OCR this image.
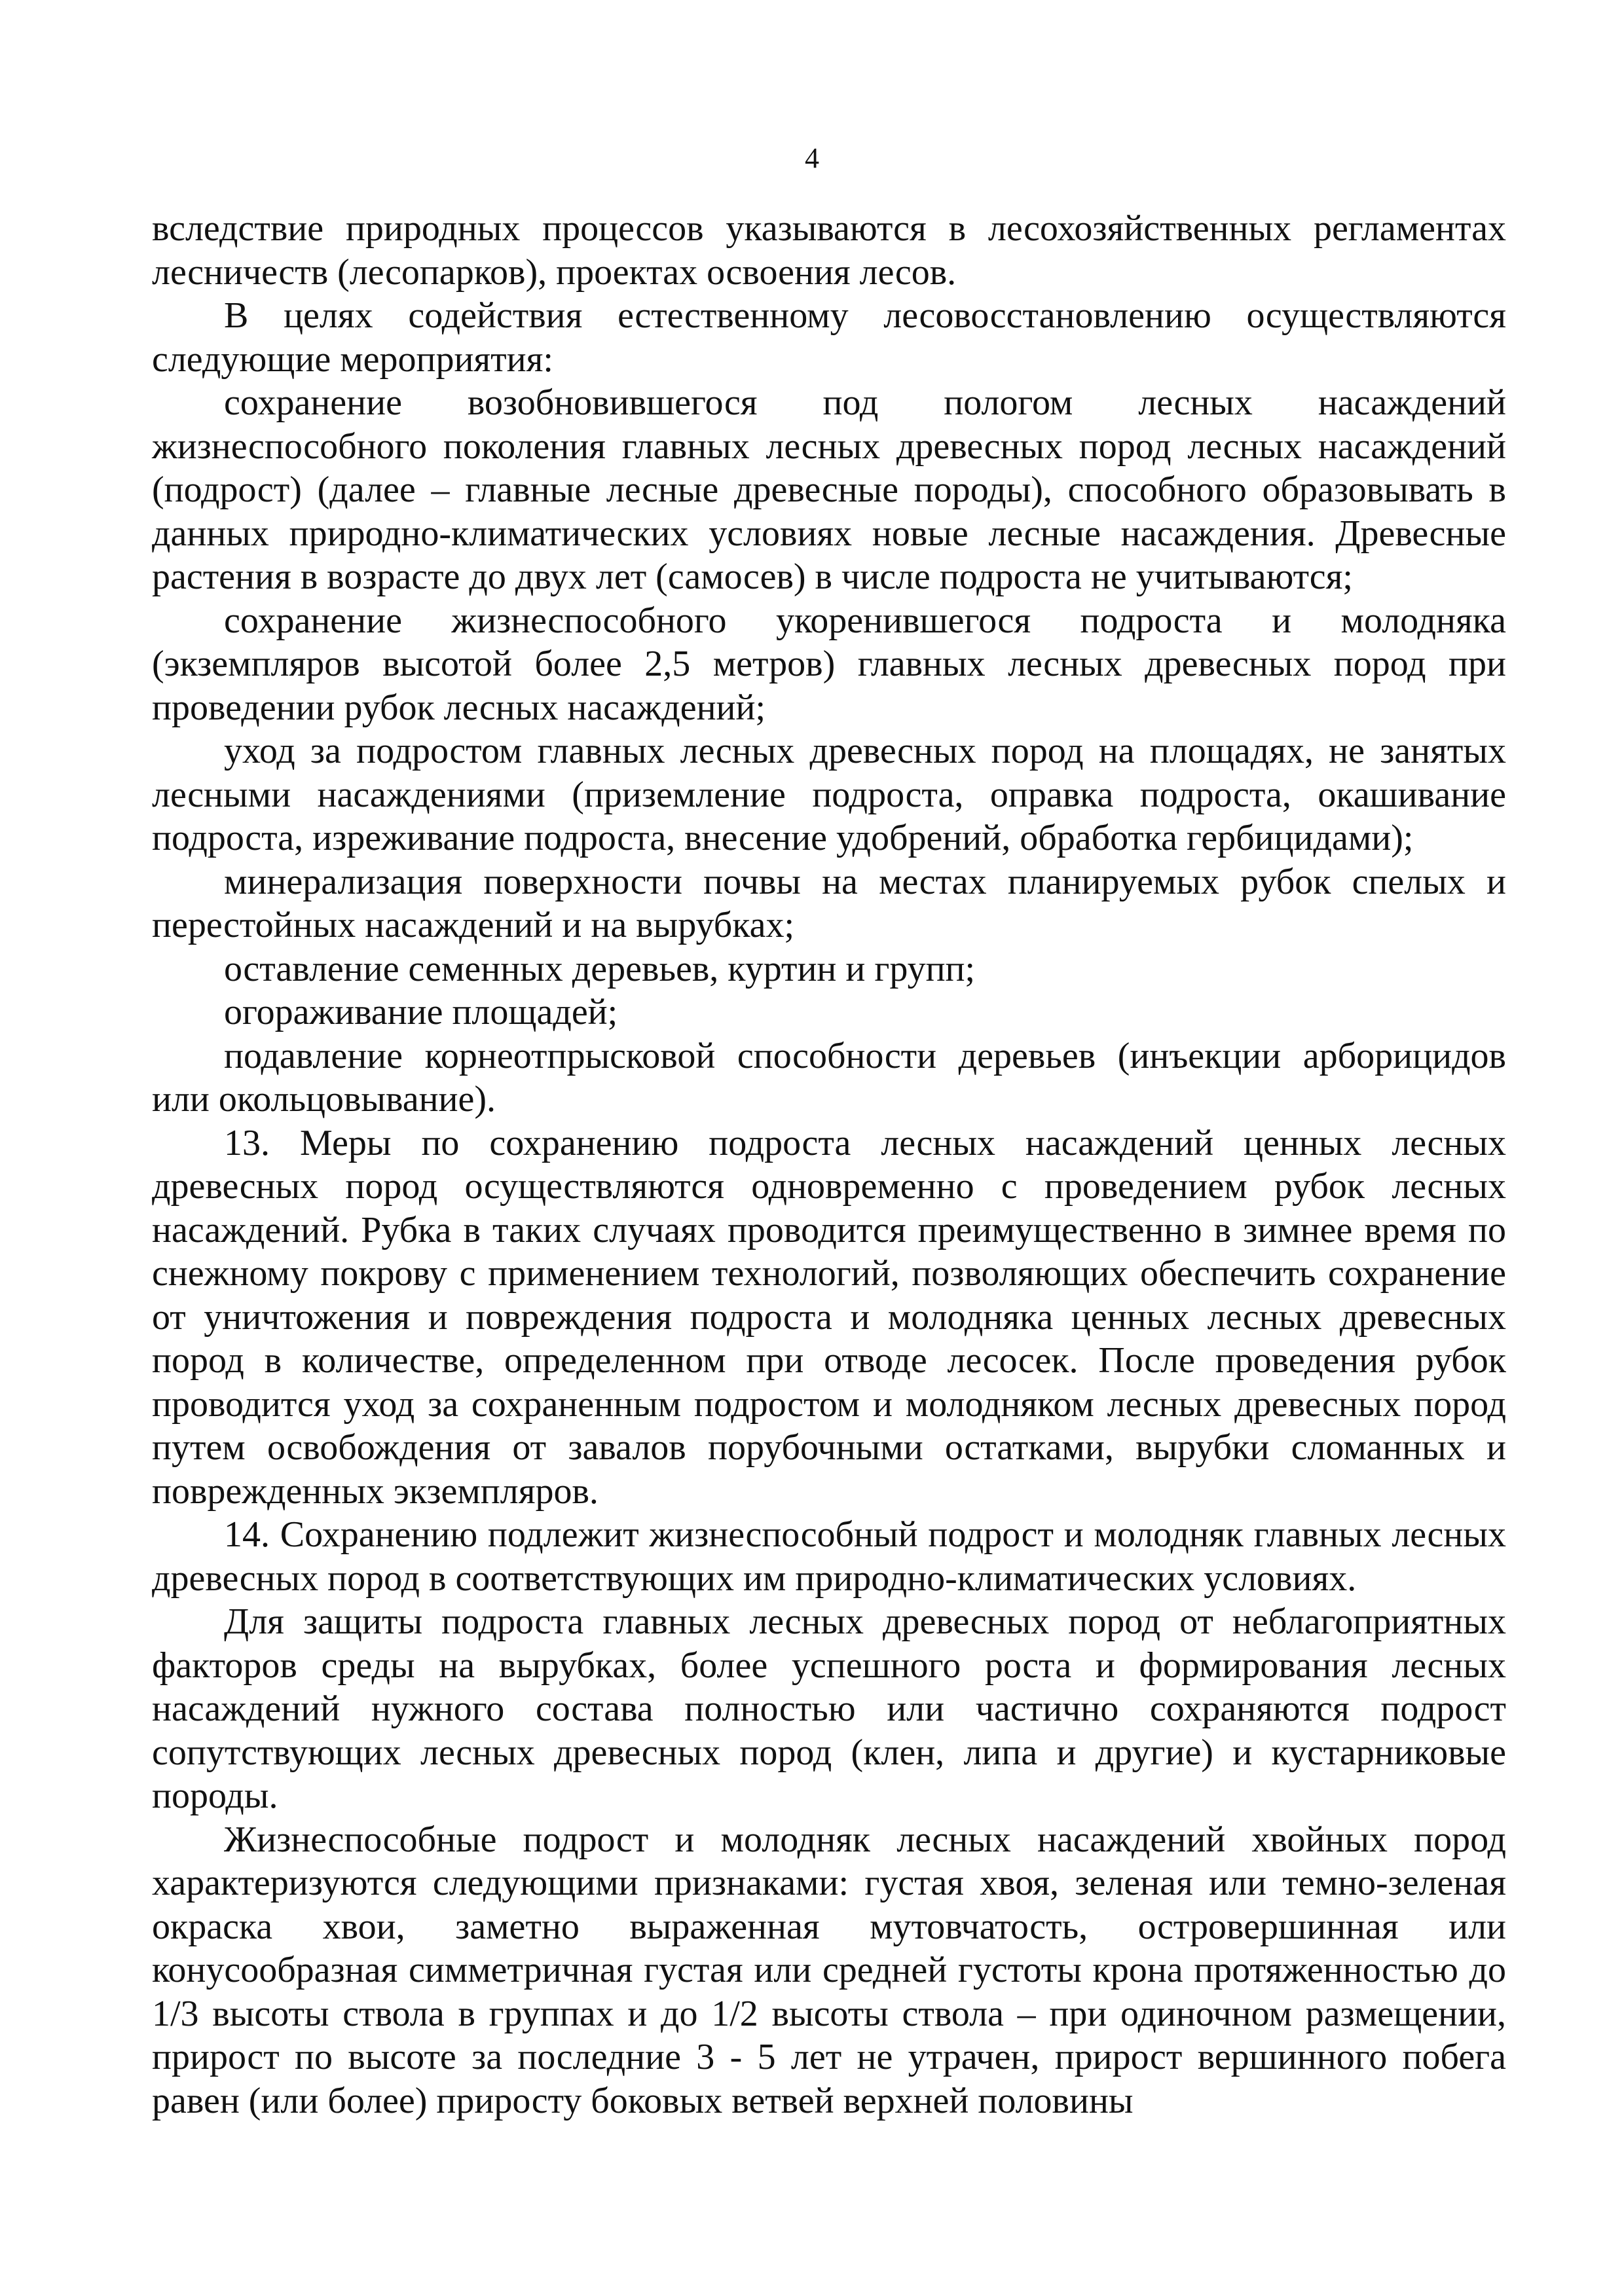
4

вследствие природных процессов указываются в лесохозяйственных регламентах лесничеств (лесопарков), проектах освоения лесов.

В целях содействия естественному лесовосстановлению осуществляются следующие мероприятия:

сохранение возобновившегося под пологом лесных насаждений жизнеспособного поколения главных лесных древесных пород лесных насаждений (подрост) (далее – главные лесные древесные породы), способного образовывать в данных природно-климатических условиях новые лесные насаждения. Древесные растения в возрасте до двух лет (самосев) в числе подроста не учитываются;

сохранение жизнеспособного укоренившегося подроста и молодняка (экземпляров высотой более 2,5 метров) главных лесных древесных пород при проведении рубок лесных насаждений;

уход за подростом главных лесных древесных пород на площадях, не занятых лесными насаждениями (приземление подроста, оправка подроста, окашивание подроста, изреживание подроста, внесение удобрений, обработка гербицидами);

минерализация поверхности почвы на местах планируемых рубок спелых и перестойных насаждений и на вырубках;

оставление семенных деревьев, куртин и групп;

огораживание площадей;

подавление корнеотпрысковой способности деревьев (инъекции арборицидов или окольцовывание).

13. Меры по сохранению подроста лесных насаждений ценных лесных древесных пород осуществляются одновременно с проведением рубок лесных насаждений. Рубка в таких случаях проводится преимущественно в зимнее время по снежному покрову с применением технологий, позволяющих обеспечить сохранение от уничтожения и повреждения подроста и молодняка ценных лесных древесных пород в количестве, определенном при отводе лесосек. После проведения рубок проводится уход за сохраненным подростом и молодняком лесных древесных пород путем освобождения от завалов порубочными остатками, вырубки сломанных и поврежденных экземпляров.

14. Сохранению подлежит жизнеспособный подрост и молодняк главных лесных древесных пород в соответствующих им природно-климатических условиях.

Для защиты подроста главных лесных древесных пород от неблагоприятных факторов среды на вырубках, более успешного роста и формирования лесных насаждений нужного состава полностью или частично сохраняются подрост сопутствующих лесных древесных пород (клен, липа и другие) и кустарниковые породы.

Жизнеспособные подрост и молодняк лесных насаждений хвойных пород характеризуются следующими признаками: густая хвоя, зеленая или темно-зеленая окраска хвои, заметно выраженная мутовчатость, островершинная или конусообразная симметричная густая или средней густоты крона протяженностью до 1/3 высоты ствола в группах и до 1/2 высоты ствола – при одиночном размещении, прирост по высоте за последние 3 - 5 лет не утрачен, прирост вершинного побега равен (или более) приросту боковых ветвей верхней половины
